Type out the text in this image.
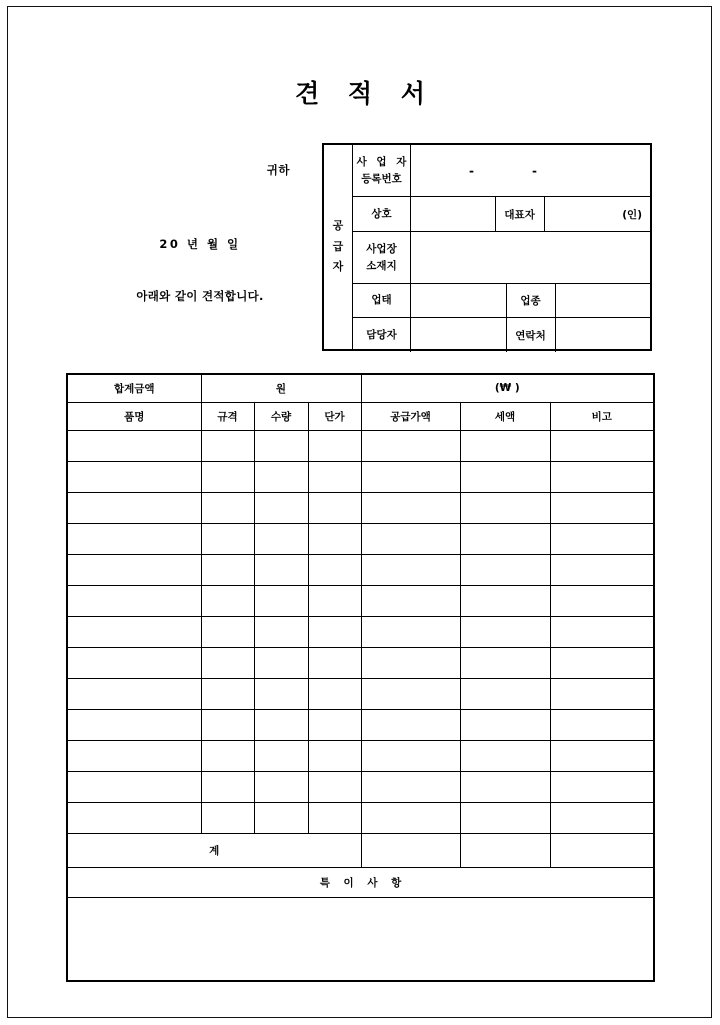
견 적 서
귀하
20 년 월 일
아래와 같이 견적합니다.
공
급
자
사 업 자
등록번호
-	-
상호	대표자	(인)
사업장
소재지
업태	업종
담당자	연락처
합계금액	원			(₩ )		
품명	규격	수량	단가	공급가액	세액	비고

계						
특 이 사 항						
